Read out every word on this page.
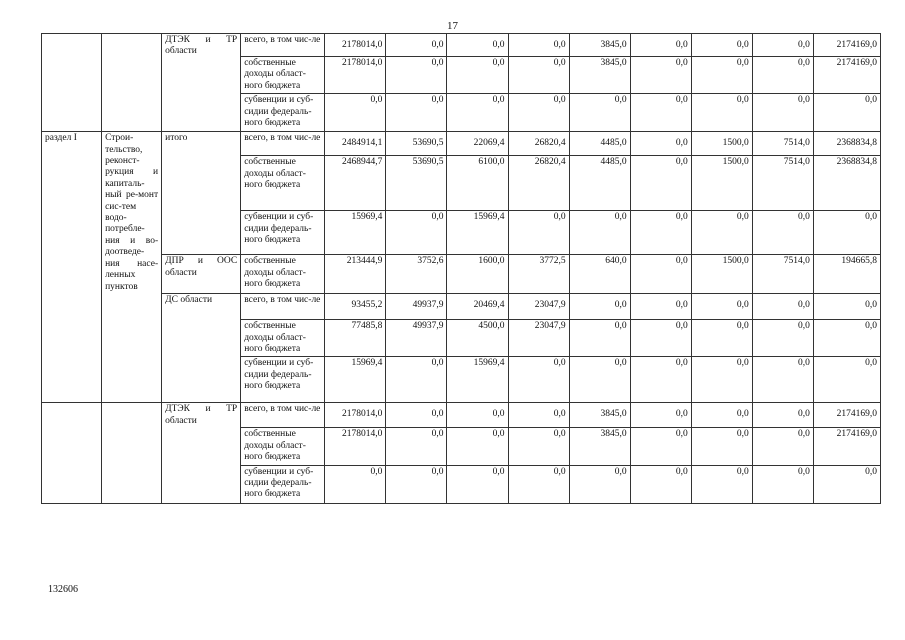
17
		ДТЭК и ТР области	всего, в том чис-ле	2178014,0	0,0	0,0	0,0	3845,0	0,0	0,0	0,0	2174169,0
			собственные доходы област-ного бюджета	2178014,0	0,0	0,0	0,0	3845,0	0,0	0,0	0,0	2174169,0
			субвенции и суб-сидии федераль-ного бюджета	0,0	0,0	0,0	0,0	0,0	0,0	0,0	0,0	0,0
раздел I	Строи-тельство, реконст-рукция и капиталь-ный ре-монт сис-тем водо-потребле-ния и во-доотведе-ния насе-ленных пунктов	итого	всего, в том чис-ле	2484914,1	53690,5	22069,4	26820,4	4485,0	0,0	1500,0	7514,0	2368834,8
			собственные доходы област-ного бюджета	2468944,7	53690,5	6100,0	26820,4	4485,0	0,0	1500,0	7514,0	2368834,8
			субвенции и суб-сидии федераль-ного бюджета	15969,4	0,0	15969,4	0,0	0,0	0,0	0,0	0,0	0,0
		ДПР и ООС области	собственные доходы област-ного бюджета	213444,9	3752,6	1600,0	3772,5	640,0	0,0	1500,0	7514,0	194665,8
		ДС области	всего, в том чис-ле	93455,2	49937,9	20469,4	23047,9	0,0	0,0	0,0	0,0	0,0
			собственные доходы област-ного бюджета	77485,8	49937,9	4500,0	23047,9	0,0	0,0	0,0	0,0	0,0
			субвенции и суб-сидии федераль-ного бюджета	15969,4	0,0	15969,4	0,0	0,0	0,0	0,0	0,0	0,0
		ДТЭК и ТР области	всего, в том чис-ле	2178014,0	0,0	0,0	0,0	3845,0	0,0	0,0	0,0	2174169,0
			собственные доходы област-ного бюджета	2178014,0	0,0	0,0	0,0	3845,0	0,0	0,0	0,0	2174169,0
			субвенции и суб-сидии федераль-ного бюджета	0,0	0,0	0,0	0,0	0,0	0,0	0,0	0,0	0,0
132606
